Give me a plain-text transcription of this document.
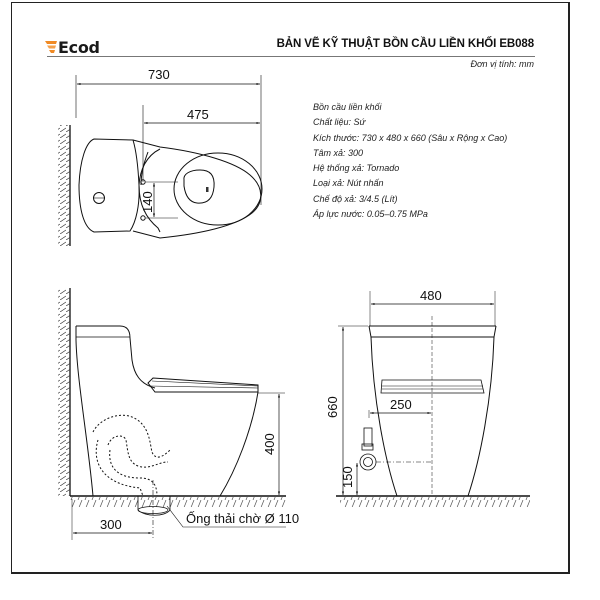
Ecod	BẢN VẼ KỸ THUẬT BỒN CẦU LIỀN KHỐI EB088
Đơn vị tính: mm
Bồn cầu liền khối
Chất liệu: Sứ
Kích thước: 730 x 480 x 660 (Sâu x Rộng x Cao)
Tâm xả: 300
Hệ thống xả: Tornado
Loại xả: Nút nhấn
Chế độ xả: 3/4.5 (Lít)
Áp lực nước: 0.05–0.75 MPa
730
475
140
400
300	Ống thải chờ Ø 110
480
660	250
150
